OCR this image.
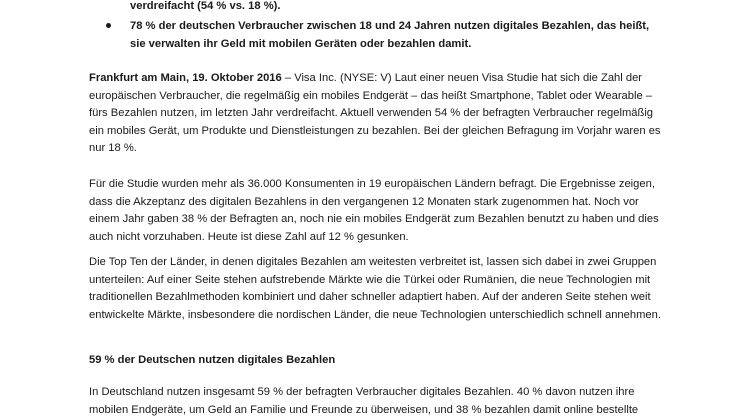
verdreifacht (54 % vs. 18 %).
78 % der deutschen Verbraucher zwischen 18 und 24 Jahren nutzen digitales Bezahlen, das heißt, sie verwalten ihr Geld mit mobilen Geräten oder bezahlen damit.

Frankfurt am Main, 19. Oktober 2016 – Visa Inc. (NYSE: V) Laut einer neuen Visa Studie hat sich die Zahl der europäischen Verbraucher, die regelmäßig ein mobiles Endgerät – das heißt Smartphone, Tablet oder Wearable – fürs Bezahlen nutzen, im letzten Jahr verdreifacht. Aktuell verwenden 54 % der befragten Verbraucher regelmäßig ein mobiles Gerät, um Produkte und Dienstleistungen zu bezahlen. Bei der gleichen Befragung im Vorjahr waren es nur 18 %.

Für die Studie wurden mehr als 36.000 Konsumenten in 19 europäischen Ländern befragt. Die Ergebnisse zeigen, dass die Akzeptanz des digitalen Bezahlens in den vergangenen 12 Monaten stark zugenommen hat. Noch vor einem Jahr gaben 38 % der Befragten an, noch nie ein mobiles Endgerät zum Bezahlen benutzt zu haben und dies auch nicht vorzuhaben. Heute ist diese Zahl auf 12 % gesunken.

Die Top Ten der Länder, in denen digitales Bezahlen am weitesten verbreitet ist, lassen sich dabei in zwei Gruppen unterteilen: Auf einer Seite stehen aufstrebende Märkte wie die Türkei oder Rumänien, die neue Technologien mit traditionellen Bezahlmethoden kombiniert und daher schneller adaptiert haben. Auf der anderen Seite stehen weit entwickelte Märkte, insbesondere die nordischen Länder, die neue Technologien unterschiedlich schnell annehmen.

59 % der Deutschen nutzen digitales Bezahlen

In Deutschland nutzen insgesamt 59 % der befragten Verbraucher digitales Bezahlen. 40 % davon nutzen ihre mobilen Endgeräte, um Geld an Familie und Freunde zu überweisen, und 38 % bezahlen damit online bestellte
